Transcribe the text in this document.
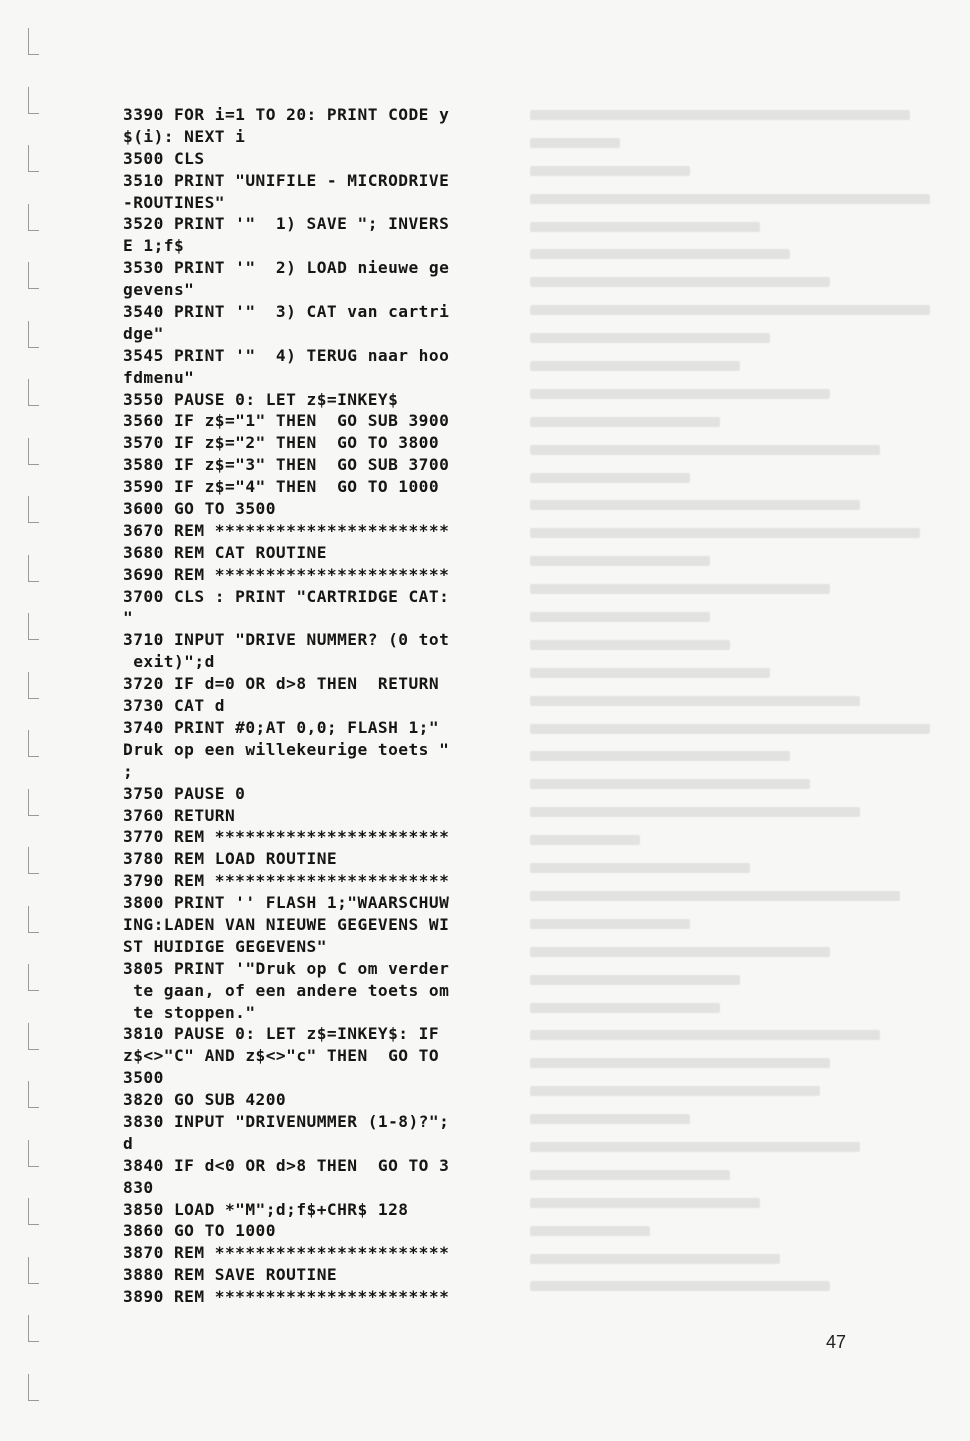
3390 FOR i=1 TO 20: PRINT CODE y
$(i): NEXT i
3500 CLS
3510 PRINT "UNIFILE - MICRODRIVE
-ROUTINES"
3520 PRINT '"  1) SAVE "; INVERS
E 1;f$
3530 PRINT '"  2) LOAD nieuwe ge
gevens"
3540 PRINT '"  3) CAT van cartri
dge"
3545 PRINT '"  4) TERUG naar hoo
fdmenu"
3550 PAUSE 0: LET z$=INKEY$
3560 IF z$="1" THEN  GO SUB 3900
3570 IF z$="2" THEN  GO TO 3800
3580 IF z$="3" THEN  GO SUB 3700
3590 IF z$="4" THEN  GO TO 1000
3600 GO TO 3500
3670 REM ***********************
3680 REM CAT ROUTINE
3690 REM ***********************
3700 CLS : PRINT "CARTRIDGE CAT:
"
3710 INPUT "DRIVE NUMMER? (0 tot
exit)";d
3720 IF d=0 OR d>8 THEN  RETURN
3730 CAT d
3740 PRINT #0;AT 0,0; FLASH 1;"
Druk op een willekeurige toets "
;
3750 PAUSE 0
3760 RETURN
3770 REM ***********************
3780 REM LOAD ROUTINE
3790 REM ***********************
3800 PRINT '' FLASH 1;"WAARSCHUW
ING:LADEN VAN NIEUWE GEGEVENS WI
ST HUIDIGE GEGEVENS"
3805 PRINT '"Druk op C om verder
te gaan, of een andere toets om
te stoppen."
3810 PAUSE 0: LET z$=INKEY$: IF
z$<>"C" AND z$<>"c" THEN  GO TO
3500
3820 GO SUB 4200
3830 INPUT "DRIVENUMMER (1-8)?";
d
3840 IF d<0 OR d>8 THEN  GO TO 3
830
3850 LOAD *"M";d;f$+CHR$ 128
3860 GO TO 1000
3870 REM ***********************
3880 REM SAVE ROUTINE
3890 REM ***********************
47
